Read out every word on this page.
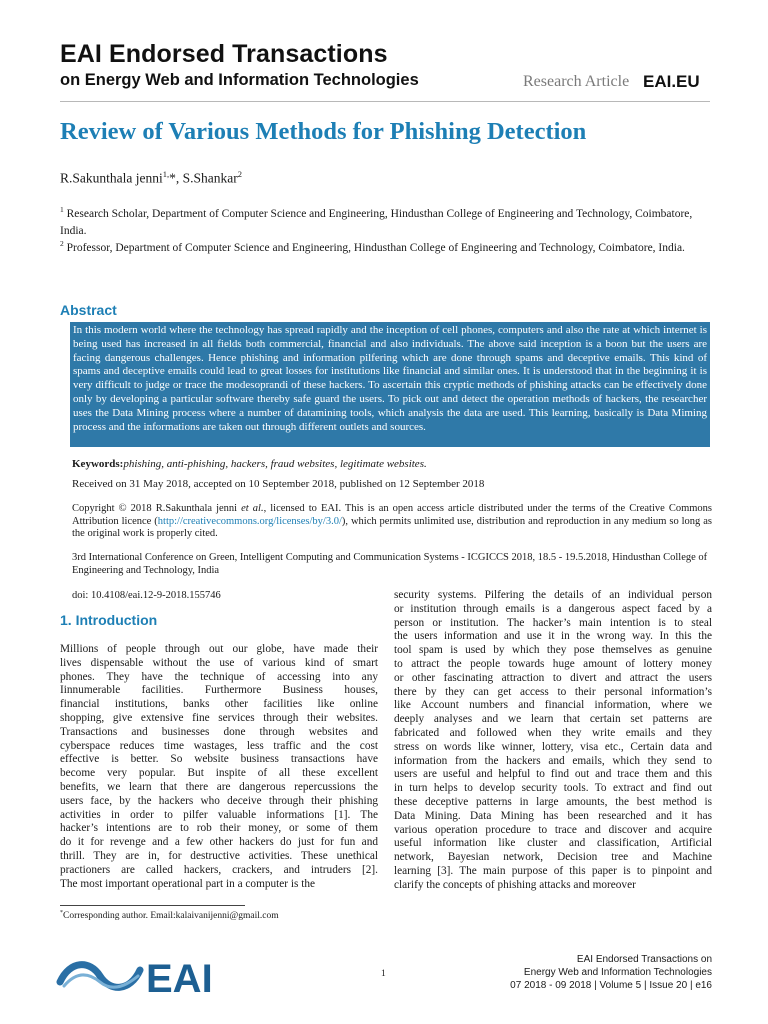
EAI Endorsed Transactions
on Energy Web and Information Technologies	Research Article EAI.EU
Review of Various Methods for Phishing Detection
R.Sakunthala jenni$^{1,}$*, S.Shankar$^2$
$^1$ Research Scholar, Department of Computer Science and Engineering, Hindusthan College of Engineering and Technology, Coimbatore, India.
$^2$ Professor, Department of Computer Science and Engineering, Hindusthan College of Engineering and Technology, Coimbatore, India.
Abstract
In this modern world where the technology has spread rapidly and the inception of cell phones, computers and also the rate at which internet is being used has increased in all fields both commercial, financial and also individuals. The above said inception is a boon but the users are facing dangerous challenges. Hence phishing and information pilfering which are done through spams and deceptive emails. This kind of spams and deceptive emails could lead to great losses for institutions like financial and similar ones. It is understood that in the beginning it is very difficult to judge or trace the modesoprandi of these hackers. To ascertain this cryptic methods of phishing attacks can be effectively done only by developing a particular software thereby safe guard the users. To pick out and detect the operation methods of hackers, the researcher uses the Data Mining process where a number of datamining tools, which analysis the data are used. This learning, basically is Data Miming process and the informations are taken out through different outlets and sources.
Keywords:phishing, anti-phishing, hackers, fraud websites, legitimate websites.
Received on 31 May 2018, accepted on 10 September 2018, published on 12 September 2018
Copyright © 2018 R.Sakunthala jenni et al., licensed to EAI. This is an open access article distributed under the terms of the Creative Commons Attribution licence (http://creativecommons.org/licenses/by/3.0/), which permits unlimited use, distribution and reproduction in any medium so long as the original work is properly cited.
3rd International Conference on Green, Intelligent Computing and Communication Systems - ICGICCS 2018, 18.5 - 19.5.2018, Hindusthan College of Engineering and Technology, India
doi: 10.4108/eai.12-9-2018.155746
1. Introduction
Millions of people through out our globe, have made their
lives dispensable without the use of various kind of smart
phones. They have the technique of accessing into any
Iinnumerable facilities. Furthermore Business houses,
financial institutions, banks other facilities like online
shopping, give extensive fine services through their websites.
Transactions and businesses done through websites and
cyberspace reduces time wastages, less traffic and the cost
effective is better. So website business transactions have
become very popular. But inspite of all these excellent
benefits, we learn that there are dangerous repercussions the
users face, by the hackers who deceive through their phishing
activities in order to pilfer valuable informations [1]. The
hacker’s intentions are to rob their money, or some of them
do it for revenge and a few other hackers do just for fun and
thrill. They are in, for destructive activities. These unethical
practioners are called hackers, crackers, and intruders [2].
The most important operational part in a computer is the
security systems. Pilfering the details of an individual person
or institution through emails is a dangerous aspect faced by a
person or institution. The hacker’s main intention is to steal
the users information and use it in the wrong way. In this the
tool spam is used by which they pose themselves as genuine
to attract the people towards huge amount of lottery money
or other fascinating attraction to divert and attract the users
there by they can get access to their personal information’s
like Account numbers and financial information, where we
deeply analyses and we learn that certain set patterns are
fabricated and followed when they write emails and they
stress on words like winner, lottery, visa etc., Certain data and
information from the hackers and emails, which they send to
users are useful and helpful to find out and trace them and this
in turn helps to develop security tools. To extract and find out
these deceptive patterns in large amounts, the best method is
Data Mining. Data Mining has been researched and it has
various operation procedure to trace and discover and acquire
useful information like cluster and classification, Artificial
network, Bayesian network, Decision tree and Machine
learning [3]. The main purpose of this paper is to pinpoint and
clarify the concepts of phishing attacks and moreover
*Corresponding author. Email:kalaivanijenni@gmail.com
EAI	1
EAI Endorsed Transactions on
Energy Web and Information Technologies
07 2018 - 09 2018 | Volume 5 | Issue 20 | e16
